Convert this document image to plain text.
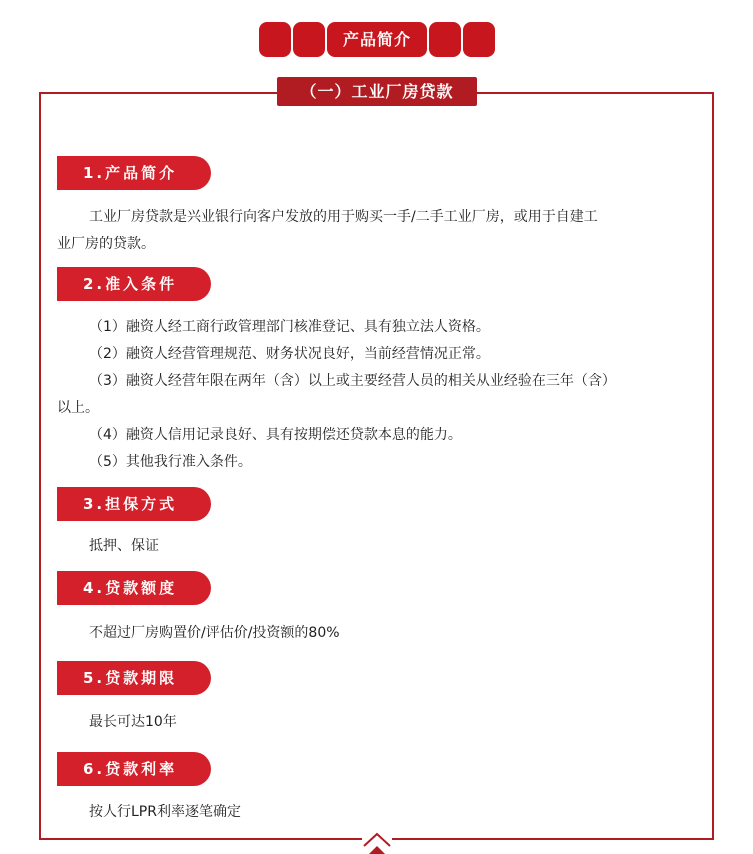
产品简介
（一）工业厂房贷款
1.产品简介
工业厂房贷款是兴业银行向客户发放的用于购买一手/二手工业厂房，或用于自建工
业厂房的贷款。
2.准入条件
（1）融资人经工商行政管理部门核准登记、具有独立法人资格。
（2）融资人经营管理规范、财务状况良好，当前经营情况正常。
（3）融资人经营年限在两年（含）以上或主要经营人员的相关从业经验在三年（含）
以上。
（4）融资人信用记录良好、具有按期偿还贷款本息的能力。
（5）其他我行准入条件。
3.担保方式
抵押、保证
4.贷款额度
不超过厂房购置价/评估价/投资额的80%
5.贷款期限
最长可达10年
6.贷款利率
按人行LPR利率逐笔确定
